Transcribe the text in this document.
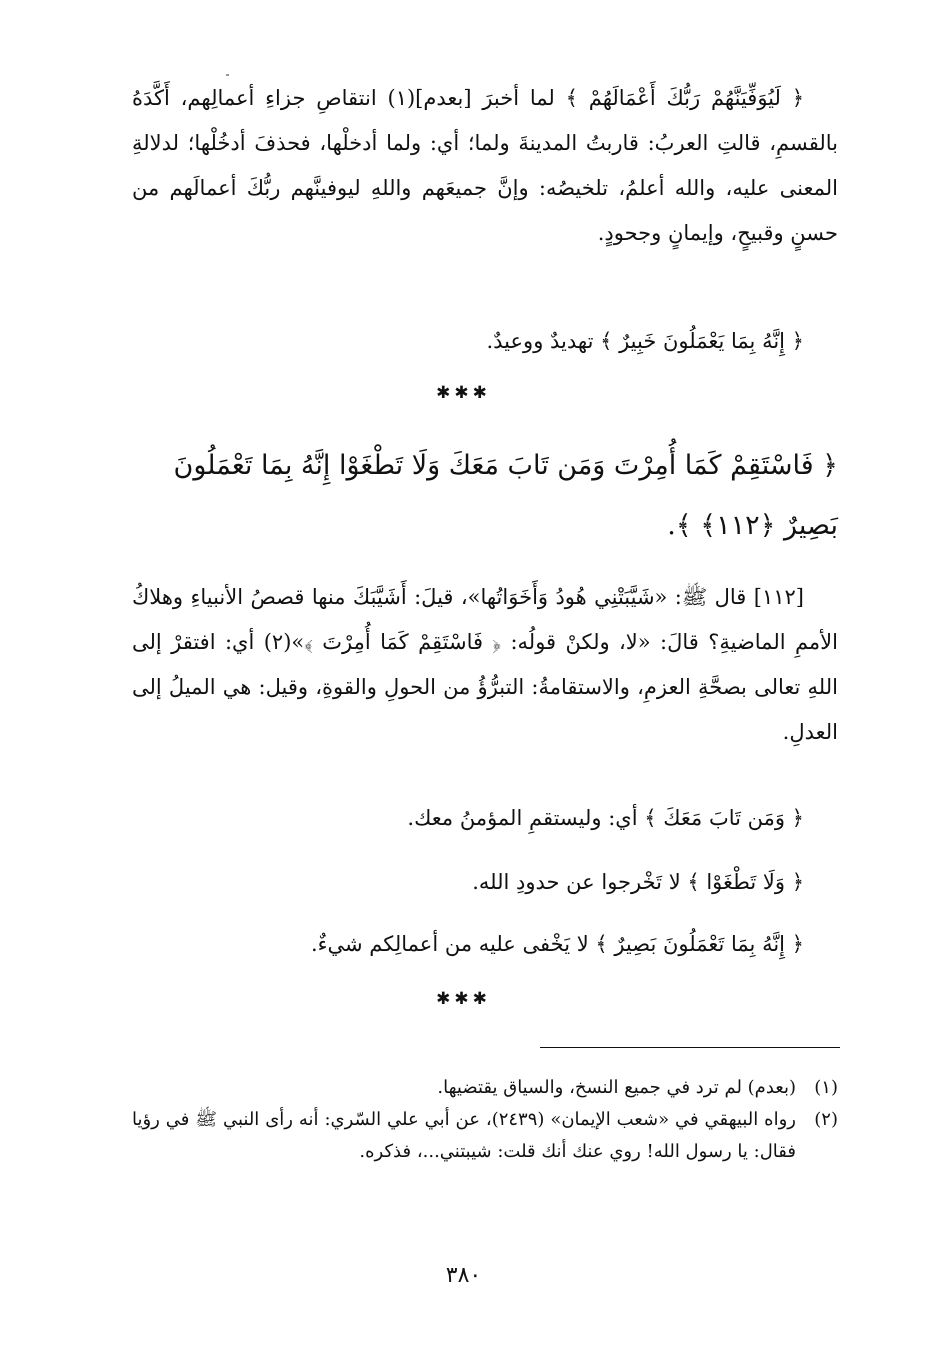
﴿ لَيُوَفِّيَنَّهُمْ رَبُّكَ أَعْمَالَهُمْ ﴾ لما أخبرَ [بعدم](١) انتقاصِ جزاءِ أعمالِهم، أَكَّدَهُ بالقسمِ، قالتِ العربُ: قاربتُ المدينةَ ولما؛ أي: ولما أدخلْها، فحذفَ أدخُلْها؛ لدلالةِ المعنى عليه، والله أعلمُ، تلخيصُه: وإنَّ جميعَهم واللهِ ليوفينَّهم ربُّكَ أعمالَهم من حسنٍ وقبيحٍ، وإيمانٍ وجحودٍ.

﴿ إِنَّهُ بِمَا يَعْمَلُونَ خَبِيرٌ ﴾ تهديدٌ ووعيدٌ.

✱✱✱

﴿ فَاسْتَقِمْ كَمَا أُمِرْتَ وَمَن تَابَ مَعَكَ وَلَا تَطْغَوْا إِنَّهُ بِمَا تَعْمَلُونَ بَصِيرٌ ﴿١١٢﴾ ﴾.

[١١٢] قال ﷺ: «شَيَّبَتْنِي هُودُ وَأَخَوَاتُها»، قيلَ: أَشَيَّبَكَ منها قصصُ الأنبياءِ وهلاكُ الأممِ الماضيةِ؟ قالَ: «لا، ولكنْ قولُه: ﴿ فَاسْتَقِمْ كَمَا أُمِرْتَ ﴾»(٢) أي: افتقرْ إلى اللهِ تعالى بصحَّةِ العزمِ، والاستقامةُ: التبرُّؤُ من الحولِ والقوةِ، وقيل: هي الميلُ إلى العدلِ.

﴿ وَمَن تَابَ مَعَكَ ﴾ أي: وليستقمِ المؤمنُ معك.

﴿ وَلَا تَطْغَوْا ﴾ لا تَخْرجوا عن حدودِ الله.

﴿ إِنَّهُ بِمَا تَعْمَلُونَ بَصِيرٌ ﴾ لا يَخْفى عليه من أعمالِكم شيءٌ.

✱✱✱
(١)
(بعدم) لم ترد في جميع النسخ، والسياق يقتضيها.
(٢)
رواه البيهقي في «شعب الإيمان» (٢٤٣٩)، عن أبي علي السّري: أنه رأى النبي ﷺ في رؤيا فقال: يا رسول الله! روي عنك أنك قلت: شيبتني...، فذكره.
٣٨٠
